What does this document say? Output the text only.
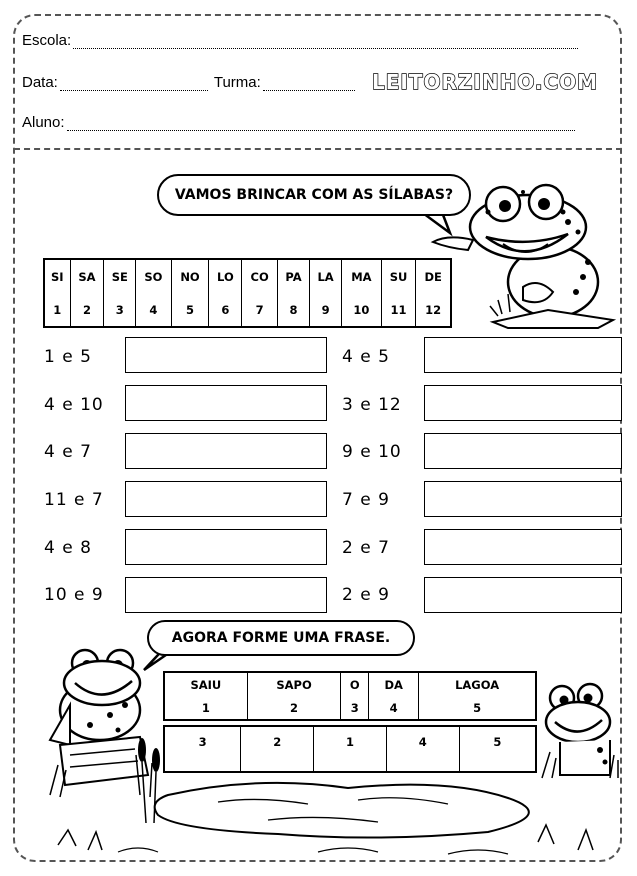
Escola:
Data:	Turma:	LEITORZINHO.COM
Aluno:
VAMOS BRINCAR COM AS SÍLABAS?
SI	SA	SE	SO	NO	LO	CO	PA	LA	MA	SU	DE
1	2	3	4	5	6	7	8	9	10	11	12
1 e 5
4 e 10
4 e 7
11 e 7
4 e 8
10 e 9
4 e 5
3 e 12
9 e 10
7 e 9
2 e 7
2 e 9
AGORA FORME UMA FRASE.
SAIU	SAPO	O	DA	LAGOA
1	2	3	4	5
3	2	1	4	5
